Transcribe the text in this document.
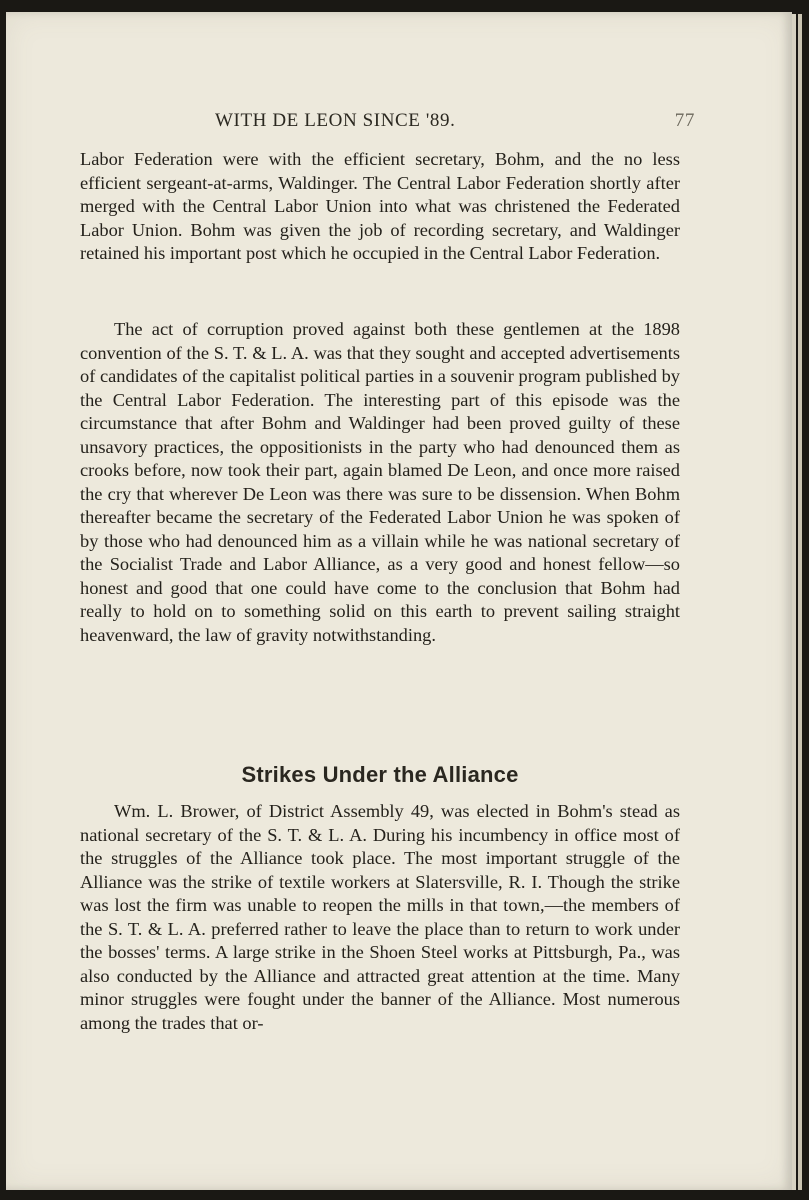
WITH DE LEON SINCE '89.	77

Labor Federation were with the efficient secretary, Bohm, and the no less efficient sergeant-at-arms, Waldinger. The Central Labor Federation shortly after merged with the Central Labor Union into what was christened the Federated Labor Union. Bohm was given the job of recording secretary, and Waldinger retained his important post which he occupied in the Central Labor Federation.

The act of corruption proved against both these gentlemen at the 1898 convention of the S. T. & L. A. was that they sought and accepted advertisements of candidates of the capitalist political parties in a souvenir program published by the Central Labor Federation. The interesting part of this episode was the circumstance that after Bohm and Waldinger had been proved guilty of these unsavory practices, the oppositionists in the party who had denounced them as crooks before, now took their part, again blamed De Leon, and once more raised the cry that wherever De Leon was there was sure to be dissension. When Bohm thereafter became the secretary of the Federated Labor Union he was spoken of by those who had denounced him as a villain while he was national secretary of the Socialist Trade and Labor Alliance, as a very good and honest fellow—so honest and good that one could have come to the conclusion that Bohm had really to hold on to something solid on this earth to prevent sailing straight heavenward, the law of gravity notwithstanding.

Strikes Under the Alliance

Wm. L. Brower, of District Assembly 49, was elected in Bohm's stead as national secretary of the S. T. & L. A. During his incumbency in office most of the struggles of the Alliance took place. The most important struggle of the Alliance was the strike of textile workers at Slatersville, R. I. Though the strike was lost the firm was unable to reopen the mills in that town,—the members of the S. T. & L. A. preferred rather to leave the place than to return to work under the bosses' terms. A large strike in the Shoen Steel works at Pittsburgh, Pa., was also conducted by the Alliance and attracted great attention at the time. Many minor struggles were fought under the banner of the Alliance. Most numerous among the trades that or-
